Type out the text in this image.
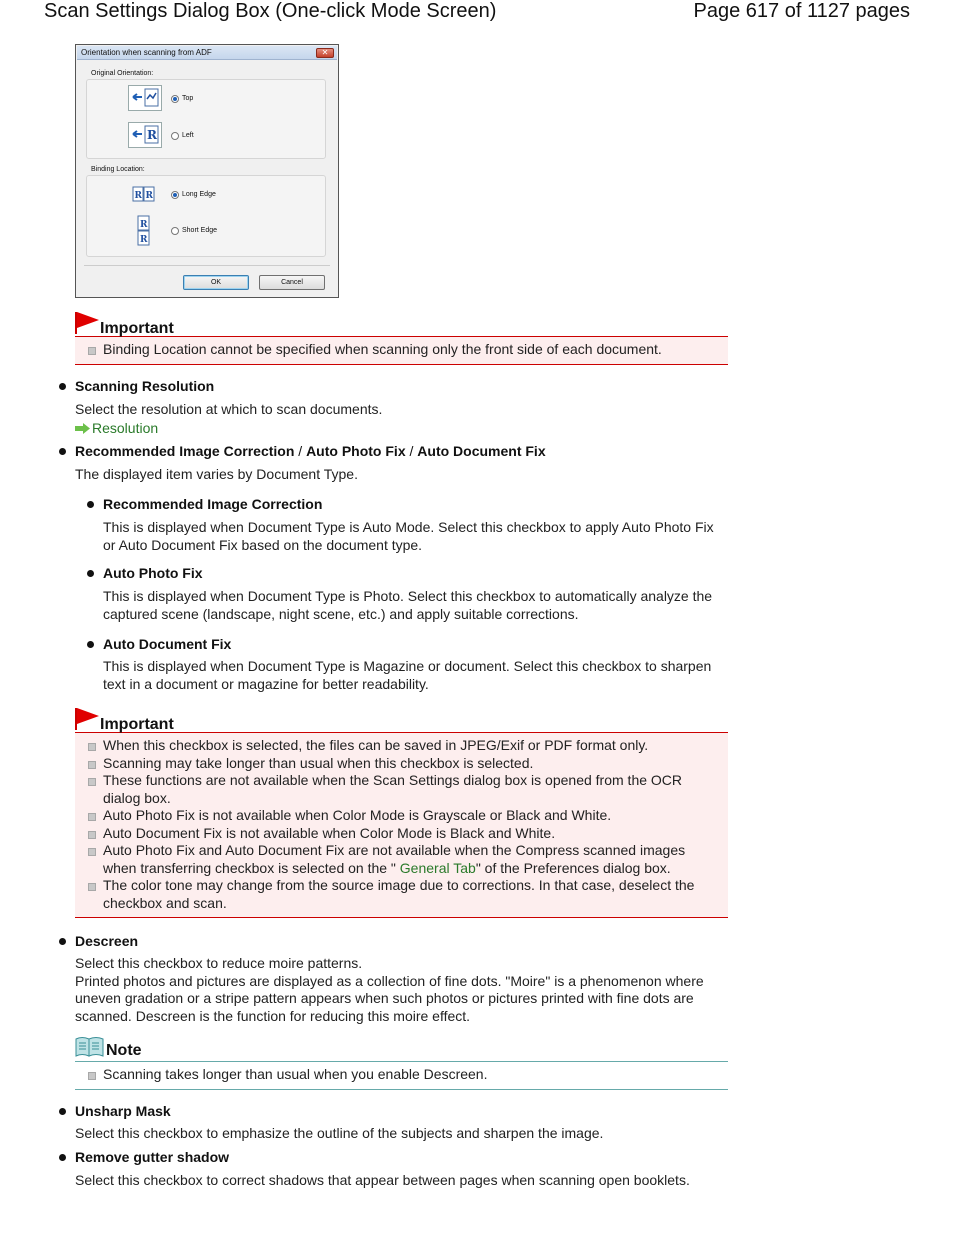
Scan Settings Dialog Box (One-click Mode Screen)	Page 617 of 1127 pages
Orientation when scanning from ADF	✕
Original Orientation:
Top
R	Left
Binding Location:
R R	Long Edge
R
R
Short Edge
OK	Cancel
Important
Binding Location cannot be specified when scanning only the front side of each document.
Scanning Resolution
Select the resolution at which to scan documents.
Resolution
Recommended Image Correction / Auto Photo Fix / Auto Document Fix
The displayed item varies by Document Type.
Recommended Image Correction
This is displayed when Document Type is Auto Mode. Select this checkbox to apply Auto Photo Fix
or Auto Document Fix based on the document type.
Auto Photo Fix
This is displayed when Document Type is Photo. Select this checkbox to automatically analyze the
captured scene (landscape, night scene, etc.) and apply suitable corrections.
Auto Document Fix
This is displayed when Document Type is Magazine or document. Select this checkbox to sharpen
text in a document or magazine for better readability.
Important
When this checkbox is selected, the files can be saved in JPEG/Exif or PDF format only.
Scanning may take longer than usual when this checkbox is selected.
These functions are not available when the Scan Settings dialog box is opened from the OCR
dialog box.
Auto Photo Fix is not available when Color Mode is Grayscale or Black and White.
Auto Document Fix is not available when Color Mode is Black and White.
Auto Photo Fix and Auto Document Fix are not available when the Compress scanned images
when transferring checkbox is selected on the " General Tab" of the Preferences dialog box.
The color tone may change from the source image due to corrections. In that case, deselect the
checkbox and scan.
Descreen
Select this checkbox to reduce moire patterns.
Printed photos and pictures are displayed as a collection of fine dots. "Moire" is a phenomenon where
uneven gradation or a stripe pattern appears when such photos or pictures printed with fine dots are
scanned. Descreen is the function for reducing this moire effect.
Note
Scanning takes longer than usual when you enable Descreen.
Unsharp Mask
Select this checkbox to emphasize the outline of the subjects and sharpen the image.
Remove gutter shadow
Select this checkbox to correct shadows that appear between pages when scanning open booklets.
